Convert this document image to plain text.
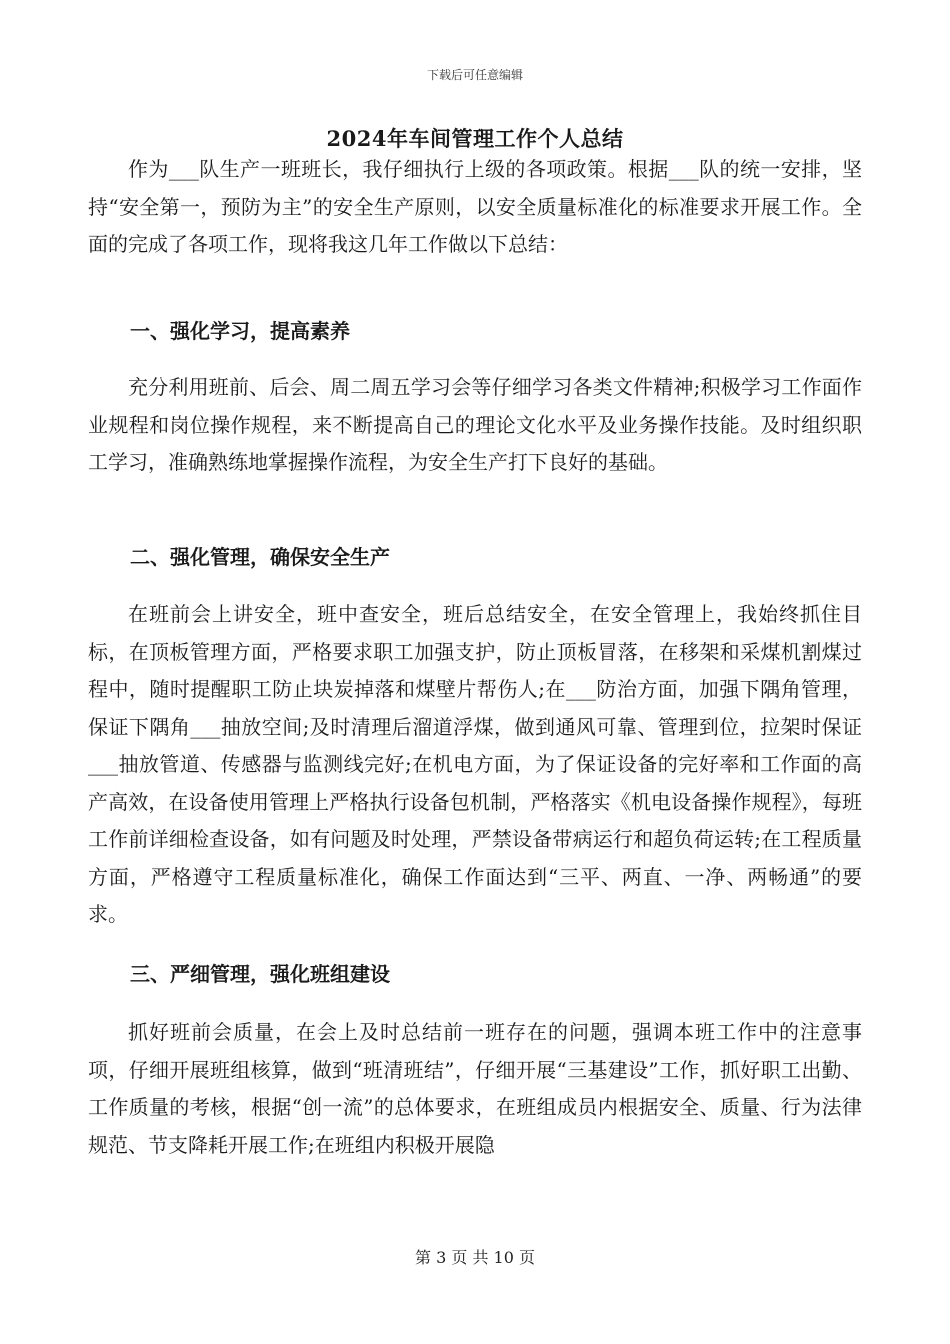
下载后可任意编辑
2024年车间管理工作个人总结

作为___队生产一班班长，我仔细执行上级的各项政策。根据___队的统一安排，坚持“安全第一，预防为主”的安全生产原则，以安全质量标准化的标准要求开展工作。全面的完成了各项工作，现将我这几年工作做以下总结：

一、强化学习，提高素养

充分利用班前、后会、周二周五学习会等仔细学习各类文件精神;积极学习工作面作业规程和岗位操作规程，来不断提高自己的理论文化水平及业务操作技能。及时组织职工学习，准确熟练地掌握操作流程，为安全生产打下良好的基础。

二、强化管理，确保安全生产

在班前会上讲安全，班中查安全，班后总结安全，在安全管理上，我始终抓住目标，在顶板管理方面，严格要求职工加强支护，防止顶板冒落，在移架和采煤机割煤过程中，随时提醒职工防止块炭掉落和煤壁片帮伤人;在___防治方面，加强下隅角管理，保证下隅角___抽放空间;及时清理后溜道浮煤，做到通风可靠、管理到位，拉架时保证___抽放管道、传感器与监测线完好;在机电方面，为了保证设备的完好率和工作面的高产高效，在设备使用管理上严格执行设备包机制，严格落实《机电设备操作规程》，每班工作前详细检查设备，如有问题及时处理，严禁设备带病运行和超负荷运转;在工程质量方面，严格遵守工程质量标准化，确保工作面达到“三平、两直、一净、两畅通”的要求。

三、严细管理，强化班组建设

抓好班前会质量，在会上及时总结前一班存在的问题，强调本班工作中的注意事项，仔细开展班组核算，做到“班清班结”，仔细开展“三基建设”工作，抓好职工出勤、工作质量的考核，根据“创一流”的总体要求，在班组成员内根据安全、质量、行为法律规范、节支降耗开展工作;在班组内积极开展隐

第 3 页 共 10 页
